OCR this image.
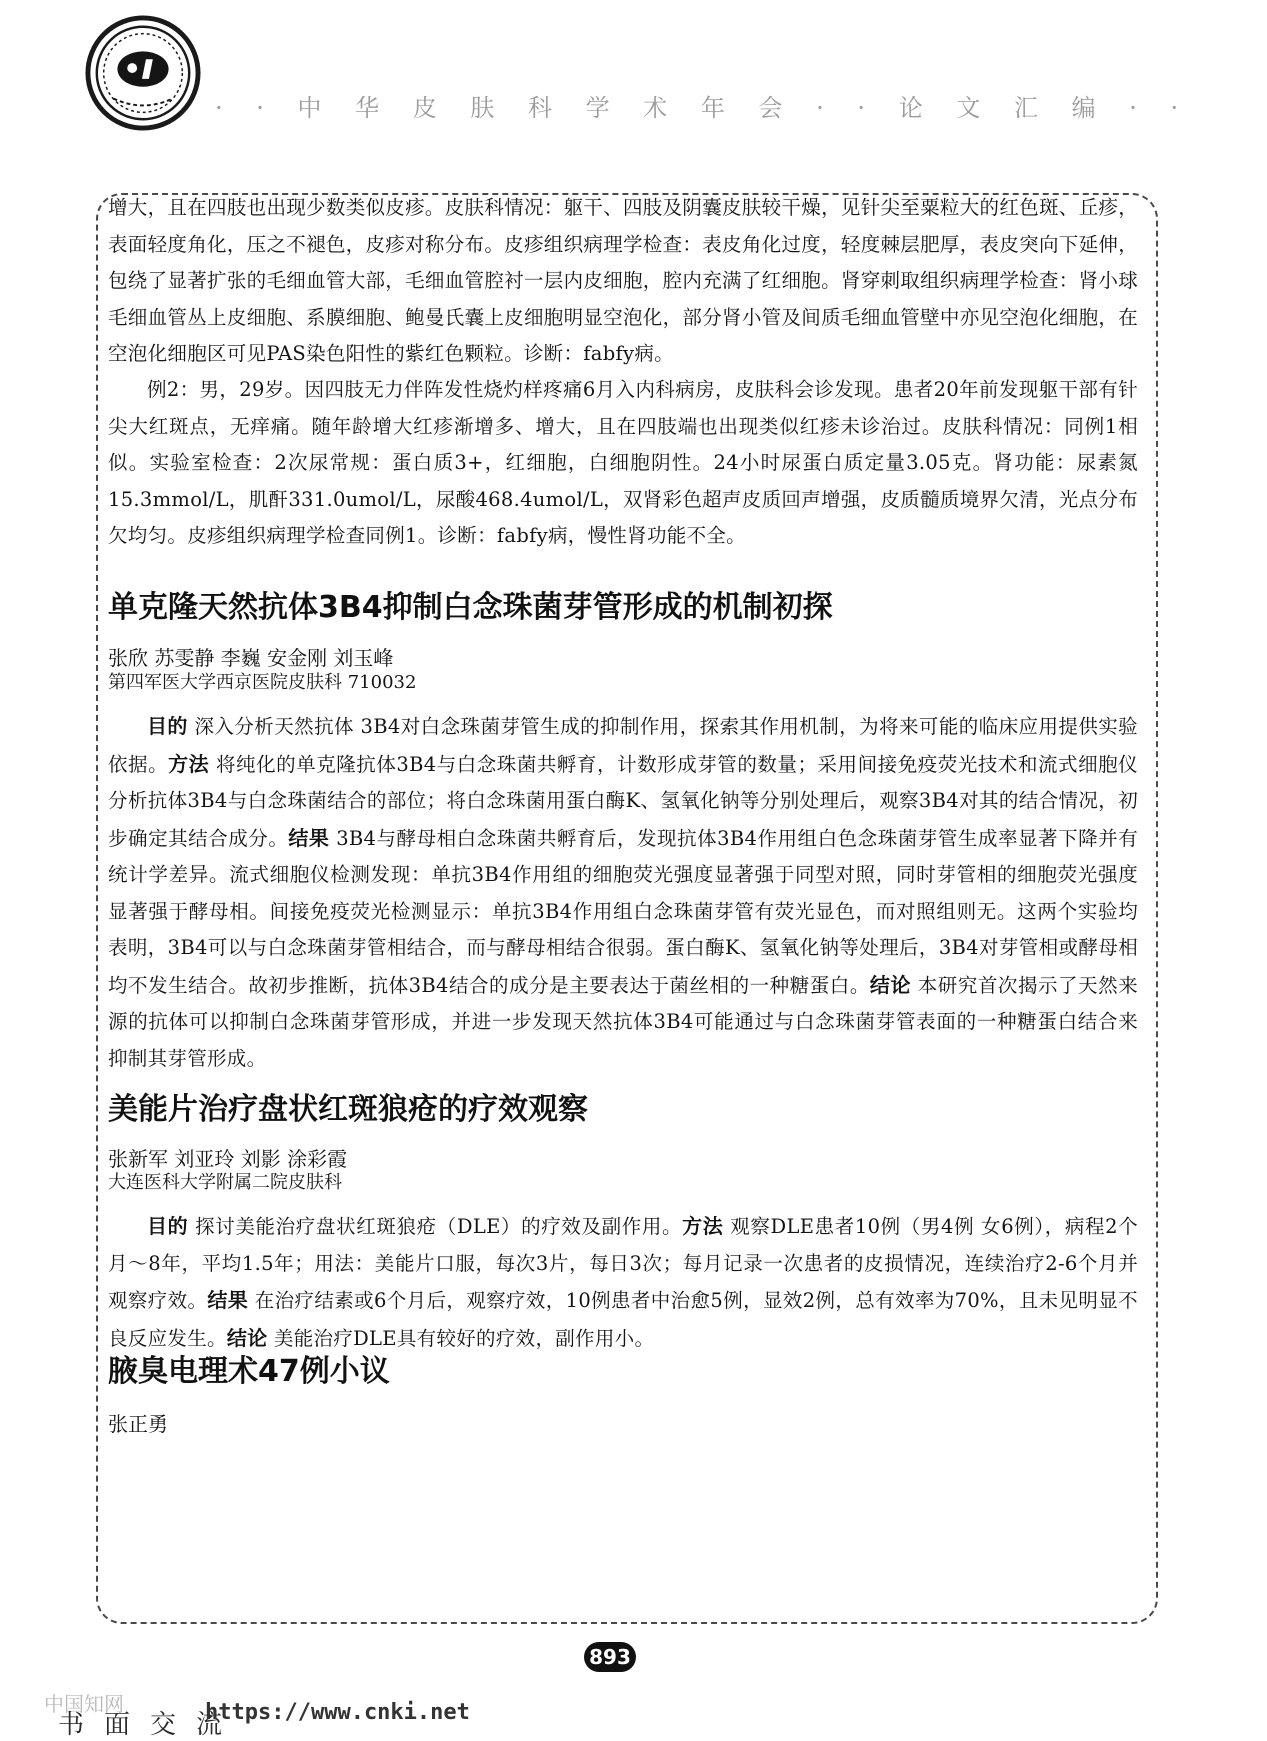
· · 中 华 皮 肤 科 学 术 年 会 · · 论 文 汇 编 · ·

增大，且在四肢也出现少数类似皮疹。皮肤科情况：躯干、四肢及阴囊皮肤较干燥，见针尖至粟粒大的红色斑、丘疹，表面轻度角化，压之不褪色，皮疹对称分布。皮疹组织病理学检查：表皮角化过度，轻度棘层肥厚，表皮突向下延伸，包绕了显著扩张的毛细血管大部，毛细血管腔衬一层内皮细胞，腔内充满了红细胞。肾穿刺取组织病理学检查：肾小球毛细血管丛上皮细胞、系膜细胞、鲍曼氏囊上皮细胞明显空泡化，部分肾小管及间质毛细血管壁中亦见空泡化细胞，在空泡化细胞区可见PAS染色阳性的紫红色颗粒。诊断：fabfy病。

例2：男，29岁。因四肢无力伴阵发性烧灼样疼痛6月入内科病房，皮肤科会诊发现。患者20年前发现躯干部有针尖大红斑点，无痒痛。随年龄增大红疹渐增多、增大，且在四肢端也出现类似红疹未诊治过。皮肤科情况：同例1相似。实验室检查：2次尿常规：蛋白质3+，红细胞，白细胞阴性。24小时尿蛋白质定量3.05克。肾功能：尿素氮15.3mmol/L，肌酐331.0umol/L，尿酸468.4umol/L，双肾彩色超声皮质回声增强，皮质髓质境界欠清，光点分布欠均匀。皮疹组织病理学检查同例1。诊断：fabfy病，慢性肾功能不全。

单克隆天然抗体3B4抑制白念珠菌芽管形成的机制初探
张欣 苏雯静 李巍 安金刚 刘玉峰
第四军医大学西京医院皮肤科 710032

目的 深入分析天然抗体 3B4对白念珠菌芽管生成的抑制作用，探索其作用机制，为将来可能的临床应用提供实验依据。方法 将纯化的单克隆抗体3B4与白念珠菌共孵育，计数形成芽管的数量；采用间接免疫荧光技术和流式细胞仪分析抗体3B4与白念珠菌结合的部位；将白念珠菌用蛋白酶K、氢氧化钠等分别处理后，观察3B4对其的结合情况，初步确定其结合成分。结果 3B4与酵母相白念珠菌共孵育后，发现抗体3B4作用组白色念珠菌芽管生成率显著下降并有统计学差异。流式细胞仪检测发现：单抗3B4作用组的细胞荧光强度显著强于同型对照，同时芽管相的细胞荧光强度显著强于酵母相。间接免疫荧光检测显示：单抗3B4作用组白念珠菌芽管有荧光显色，而对照组则无。这两个实验均表明，3B4可以与白念珠菌芽管相结合，而与酵母相结合很弱。蛋白酶K、氢氧化钠等处理后，3B4对芽管相或酵母相均不发生结合。故初步推断，抗体3B4结合的成分是主要表达于菌丝相的一种糖蛋白。结论 本研究首次揭示了天然来源的抗体可以抑制白念珠菌芽管形成，并进一步发现天然抗体3B4可能通过与白念珠菌芽管表面的一种糖蛋白结合来抑制其芽管形成。

美能片治疗盘状红斑狼疮的疗效观察
张新军 刘亚玲 刘影 涂彩霞
大连医科大学附属二院皮肤科

目的 探讨美能治疗盘状红斑狼疮（DLE）的疗效及副作用。方法 观察DLE患者10例（男4例 女6例），病程2个月～8年，平均1.5年；用法：美能片口服，每次3片，每日3次；每月记录一次患者的皮损情况，连续治疗2-6个月并观察疗效。结果 在治疗结素或6个月后，观察疗效，10例患者中治愈5例，显效2例，总有效率为70%，且未见明显不良反应发生。结论 美能治疗DLE具有较好的疗效，副作用小。

腋臭电理术47例小议
张正勇
893
中国知网
书面交流
https://www.cnki.net
